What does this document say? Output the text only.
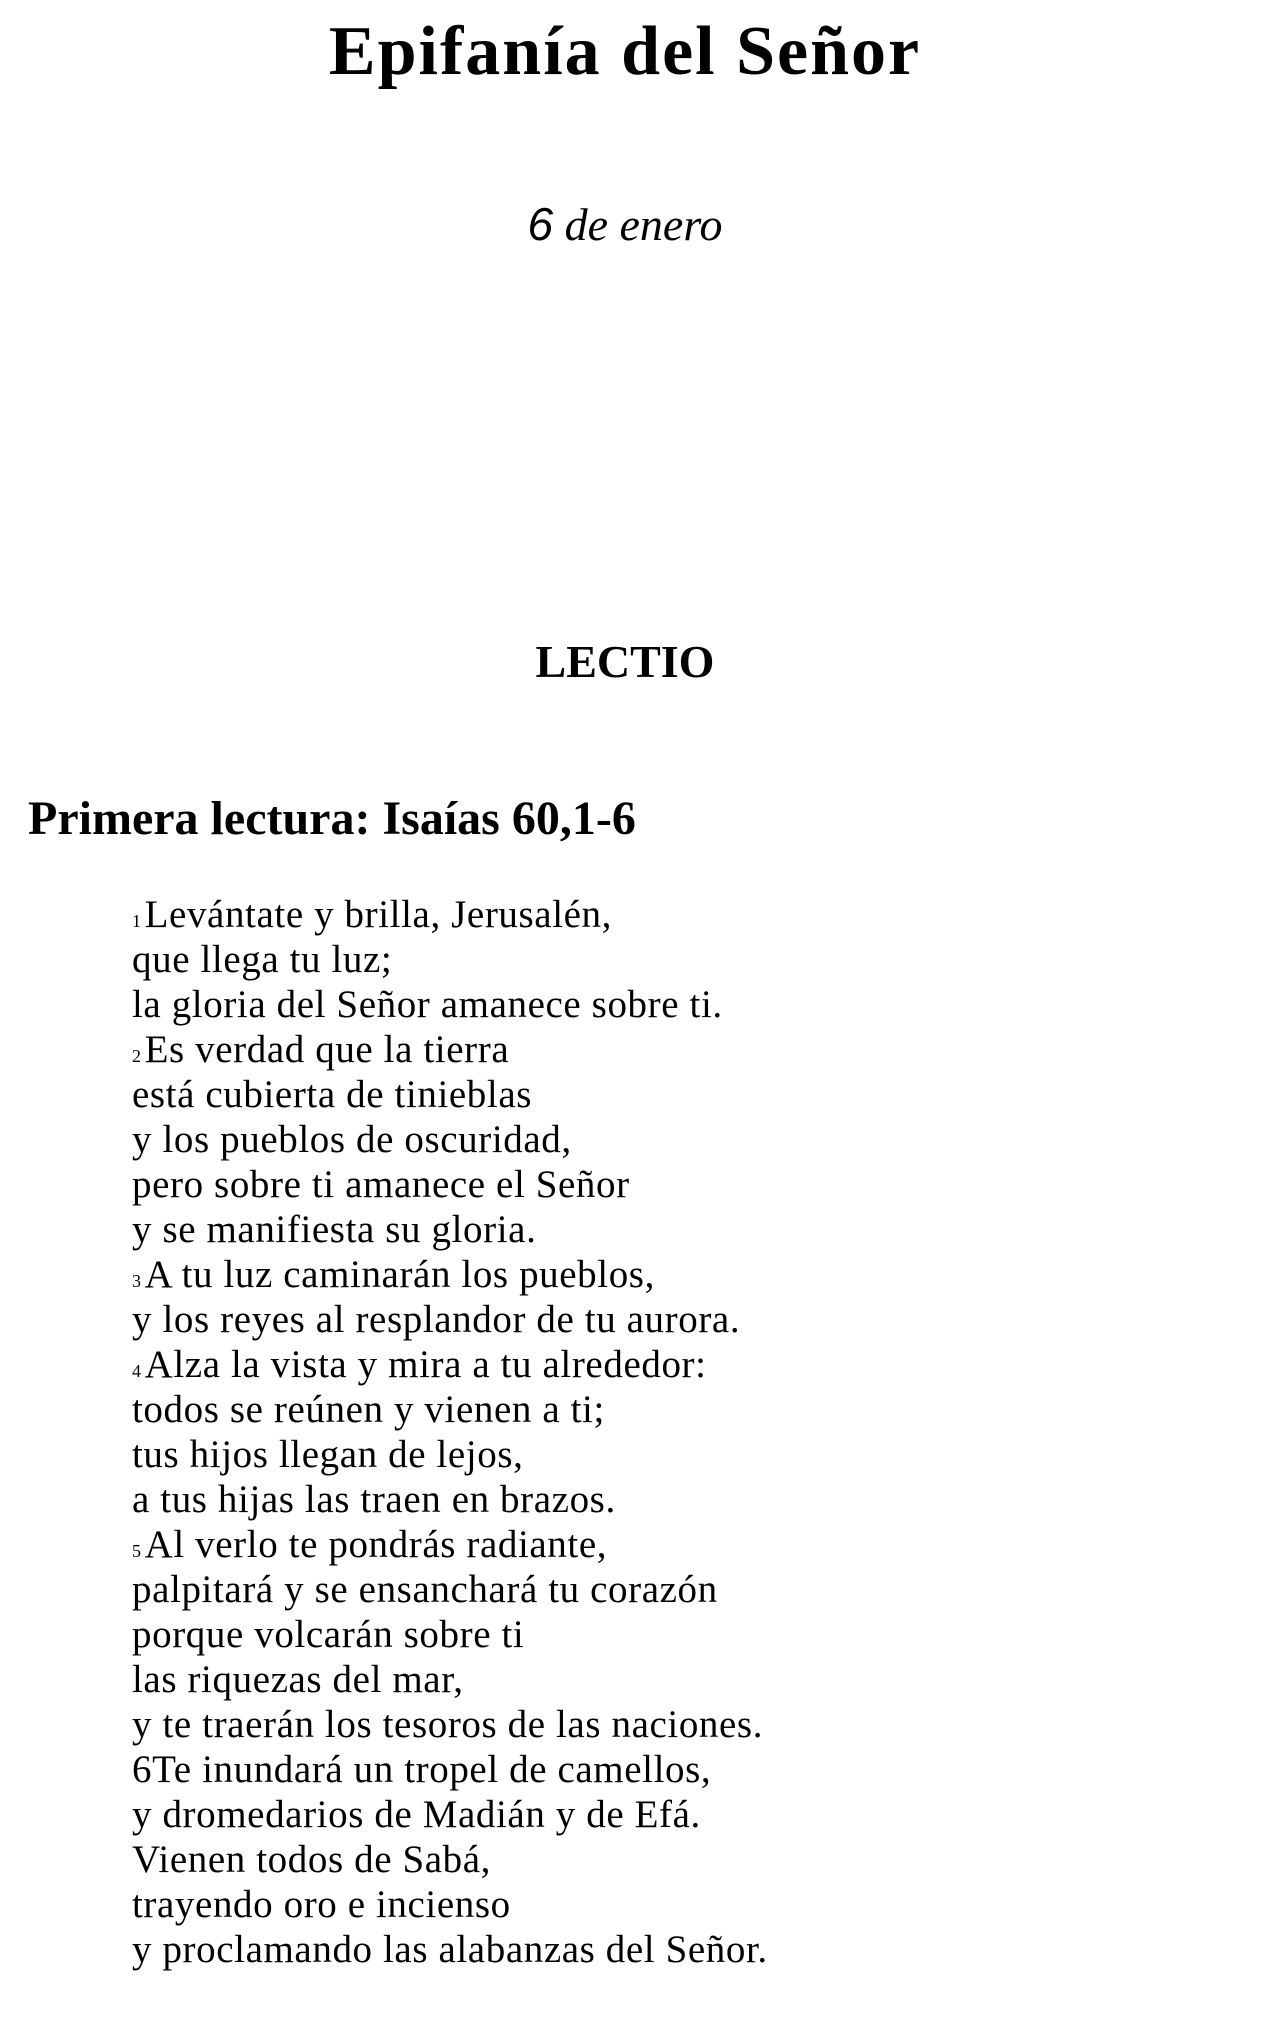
Epifanía del Señor

6 de enero

LECTIO
Primera lectura: Isaías 60,1-6
1Levántate y brilla, Jerusalén,
que llega tu luz;
la gloria del Señor amanece sobre ti.
2Es verdad que la tierra
está cubierta de tinieblas
y los pueblos de oscuridad,
pero sobre ti amanece el Señor
y se manifiesta su gloria.
3A tu luz caminarán los pueblos,
y los reyes al resplandor de tu aurora.
4Alza la vista y mira a tu alrededor:
todos se reúnen y vienen a ti;
tus hijos llegan de lejos,
a tus hijas las traen en brazos.
5Al verlo te pondrás radiante,
palpitará y se ensanchará tu corazón
porque volcarán sobre ti
las riquezas del mar,
y te traerán los tesoros de las naciones.
6Te inundará un tropel de camellos,
y dromedarios de Madián y de Efá.
Vienen todos de Sabá,
trayendo oro e incienso
y proclamando las alabanzas del Señor.
